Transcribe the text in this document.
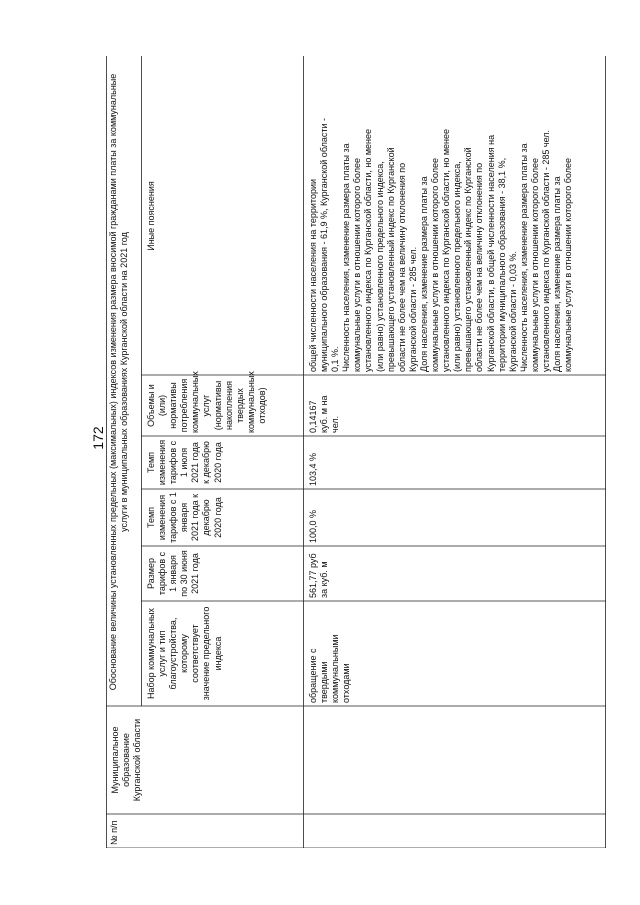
172 Обоснование величины установленных предельных (максимальных) индексов изменения размера вносимой гражданами платы за коммунальные услуги в муниципальных образованиях Курганской области на 2021 год
№ п/п
Муниципальное образование Курганской области
Набор коммунальных услуг и тип благоустройства, которому соответствует значение предельного индекса
Размер тарифов с 1 января по 30 июня 2021 года
Темп изменения тарифов с 1 января 2021 года к декабрю 2020 года
Темп изменения тарифов с 1 июля 2021 года к декабрю 2020 года
Объемы и (или) нормативы потребления коммунальных услуг (нормативы накопления твердых коммунальных отходов)
Иные пояснения
обращение с твердыми коммунальными отходами
561,77 руб за куб. м
100,0 %
103,4 %
0,14167 куб. м на чел.
общей численности населения на территории муниципального образования - 61,9 %, Курганской области - 0,1 %. Численность населения, изменение размера платы за коммунальные услуги в отношении которого более установленного индекса по Курганской области, но менее (или равно) установленного предельного индекса, превышающего установленный индекс по Курганской области не более чем на величину отклонения по Курганской области - 285 чел. Доля населения, изменение размера платы за коммунальные услуги в отношении которого более установленного индекса по Курганской области, но менее (или равно) установленного предельного индекса, превышающего установленный индекс по Курганской области не более чем на величину отклонения по Курганской области, в общей численности населения на территории муниципального образования - 38,1 %, Курганской области - 0,03 %. Численность населения, изменение размера платы за коммунальные услуги в отношении которого более установленного индекса по Курганской области - 285 чел. Доля населения, изменение размера платы за коммунальные услуги в отношении которого более
